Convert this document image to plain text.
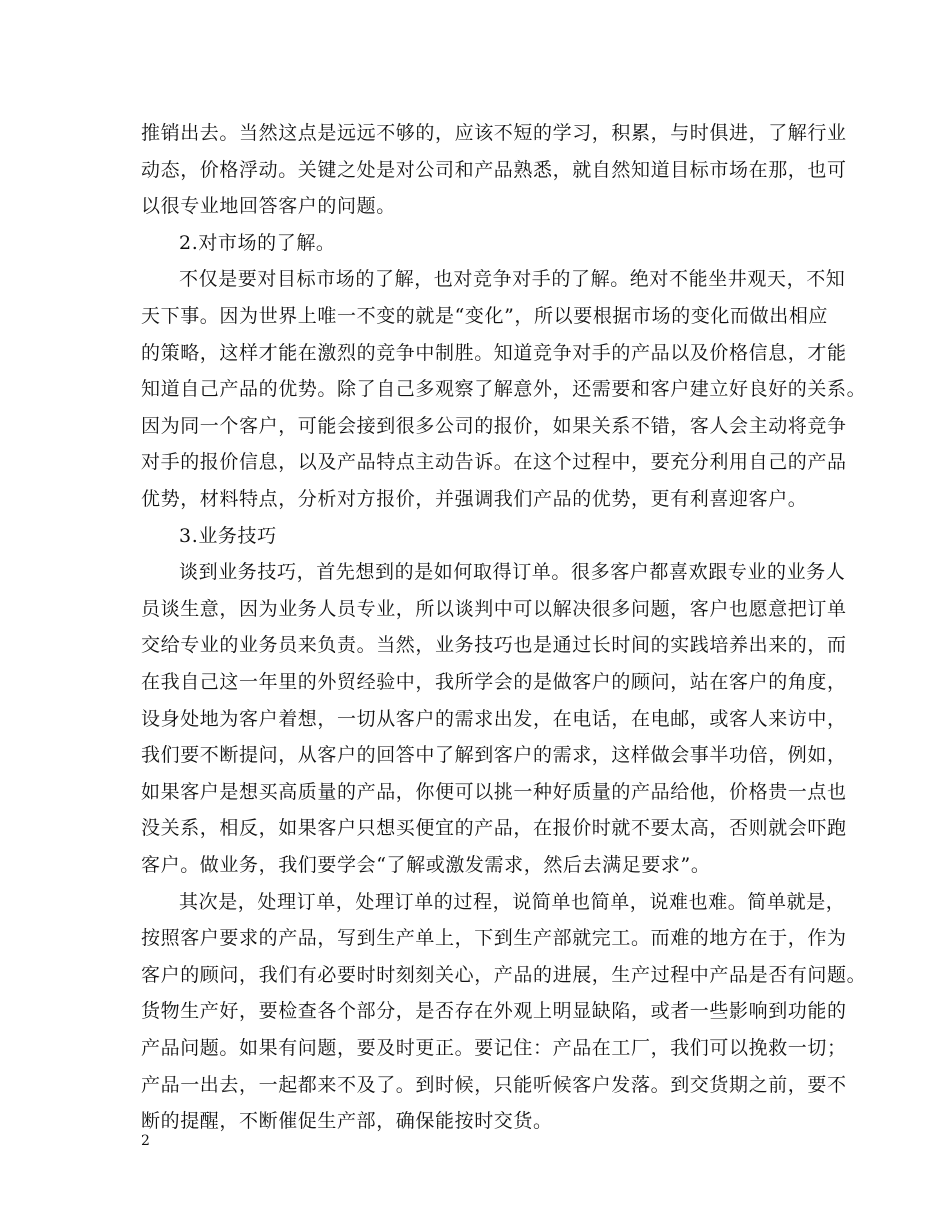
推销出去。当然这点是远远不够的，应该不短的学习，积累，与时俱进，了解行业
动态，价格浮动。关键之处是对公司和产品熟悉，就自然知道目标市场在那，也可
以很专业地回答客户的问题。
2.对市场的了解。
不仅是要对目标市场的了解，也对竞争对手的了解。绝对不能坐井观天，不知
天下事。因为世界上唯一不变的就是“变化”，所以要根据市场的变化而做出相应
的策略，这样才能在激烈的竞争中制胜。知道竞争对手的产品以及价格信息，才能
知道自己产品的优势。除了自己多观察了解意外，还需要和客户建立好良好的关系。
因为同一个客户，可能会接到很多公司的报价，如果关系不错，客人会主动将竞争
对手的报价信息，以及产品特点主动告诉。在这个过程中，要充分利用自己的产品
优势，材料特点，分析对方报价，并强调我们产品的优势，更有利喜迎客户。
3.业务技巧
谈到业务技巧，首先想到的是如何取得订单。很多客户都喜欢跟专业的业务人
员谈生意，因为业务人员专业，所以谈判中可以解决很多问题，客户也愿意把订单
交给专业的业务员来负责。当然，业务技巧也是通过长时间的实践培养出来的，而
在我自己这一年里的外贸经验中，我所学会的是做客户的顾问，站在客户的角度，
设身处地为客户着想，一切从客户的需求出发，在电话，在电邮，或客人来访中，
我们要不断提问，从客户的回答中了解到客户的需求，这样做会事半功倍，例如，
如果客户是想买高质量的产品，你便可以挑一种好质量的产品给他，价格贵一点也
没关系，相反，如果客户只想买便宜的产品，在报价时就不要太高，否则就会吓跑
客户。做业务，我们要学会“了解或激发需求，然后去满足要求”。
其次是，处理订单，处理订单的过程，说简单也简单，说难也难。简单就是，
按照客户要求的产品，写到生产单上，下到生产部就完工。而难的地方在于，作为
客户的顾问，我们有必要时时刻刻关心，产品的进展，生产过程中产品是否有问题。
货物生产好，要检查各个部分，是否存在外观上明显缺陷，或者一些影响到功能的
产品问题。如果有问题，要及时更正。要记住：产品在工厂，我们可以挽救一切；
产品一出去，一起都来不及了。到时候，只能听候客户发落。到交货期之前，要不
断的提醒，不断催促生产部，确保能按时交货。
2
